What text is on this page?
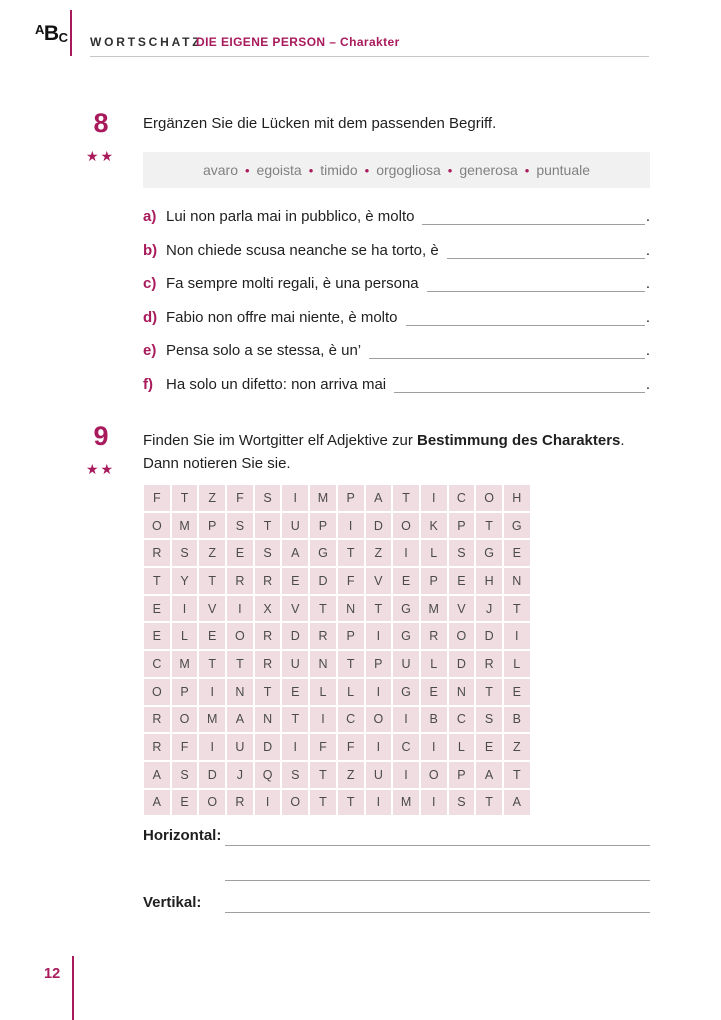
$^A$BC WORTSCHATZ
DIE EIGENE PERSON – Charakter
8
★★
Ergänzen Sie die Lücken mit dem passenden Begriff.
avaro • egoista • timido • orgogliosa • generosa • puntuale
a) Lui non parla mai in pubblico, è molto	.
b) Non chiede scusa neanche se ha torto, è	.
c) Fa sempre molti regali, è una persona	.
d) Fabio non offre mai niente, è molto	.
e) Pensa solo a se stessa, è un’	.
f) Ha solo un difetto: non arriva mai	.
9
★★
Finden Sie im Wortgitter elf Adjektive zur Bestimmung des Charakters. Dann notieren Sie sie.
F	T	Z	F	S	I	M	P	A	T	I	C	O	H
O	M	P	S	T	U	P	I	D	O	K	P	T	G
R	S	Z	E	S	A	G	T	Z	I	L	S	G	E
T	Y	T	R	R	E	D	F	V	E	P	E	H	N
E	I	V	I	X	V	T	N	T	G	M	V	J	T
E	L	E	O	R	D	R	P	I	G	R	O	D	I
C	M	T	T	R	U	N	T	P	U	L	D	R	L
O	P	I	N	T	E	L	L	I	G	E	N	T	E
R	O	M	A	N	T	I	C	O	I	B	C	S	B
R	F	I	U	D	I	F	F	I	C	I	L	E	Z
A	S	D	J	Q	S	T	Z	U	I	O	P	A	T
A	E	O	R	I	O	T	T	I	M	I	S	T	A
Horizontal:
Vertikal:
12
